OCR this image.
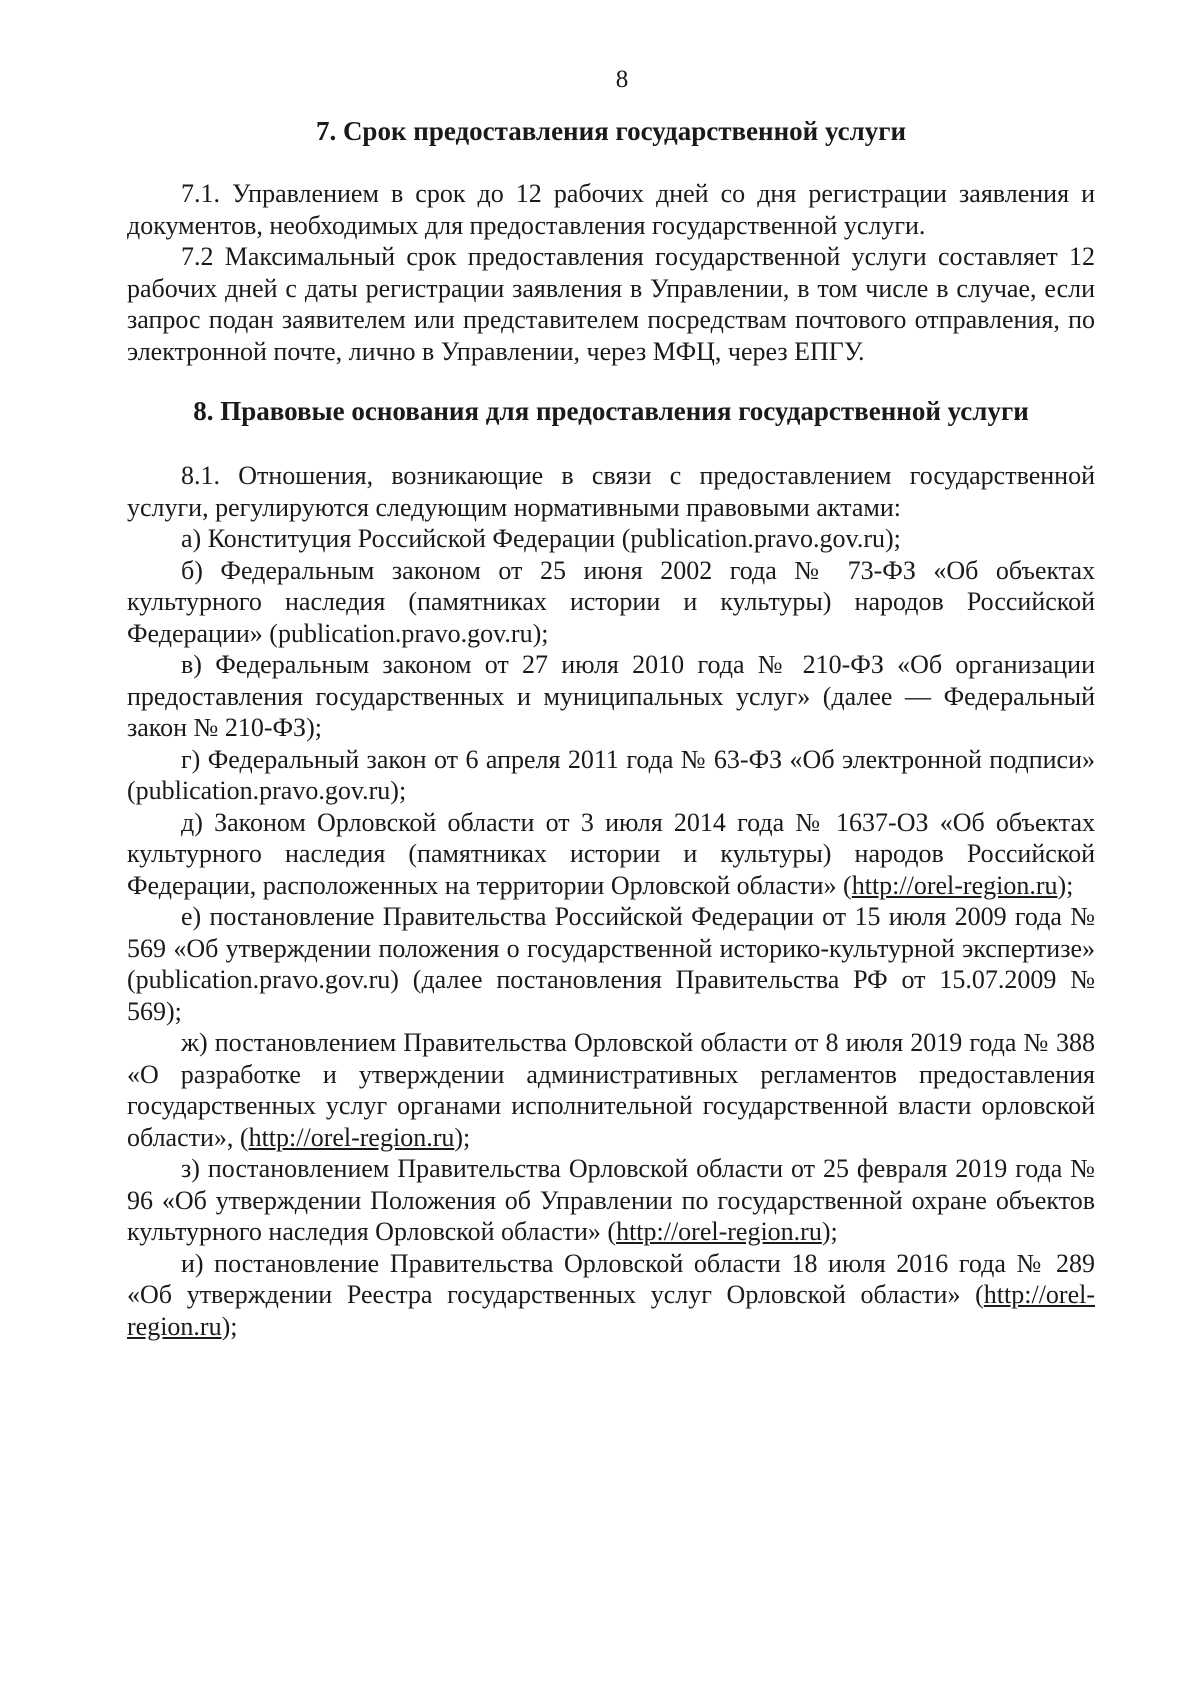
8
7. Срок предоставления государственной услуги

7.1. Управлением в срок до 12 рабочих дней со дня регистрации заявления и документов, необходимых для предоставления государственной услуги.

7.2 Максимальный срок предоставления государственной услуги составляет 12 рабочих дней с даты регистрации заявления в Управлении, в том числе в случае, если запрос подан заявителем или представителем посредствам почтового отправления, по электронной почте, лично в Управлении, через МФЦ, через ЕПГУ.

8. Правовые основания для предоставления государственной услуги

8.1. Отношения, возникающие в связи с предоставлением государственной услуги, регулируются следующим нормативными правовыми актами:

а) Конституция Российской Федерации (publication.pravo.gov.ru);

б) Федеральным законом от 25 июня 2002 года № 73-ФЗ «Об объектах культурного наследия (памятниках истории и культуры) народов Российской Федерации» (publication.pravo.gov.ru);

в) Федеральным законом от 27 июля 2010 года № 210-ФЗ «Об организации предоставления государственных и муниципальных услуг» (далее — Федеральный закон № 210-ФЗ);

г) Федеральный закон от 6 апреля 2011 года № 63-ФЗ «Об электронной подписи» (publication.pravo.gov.ru);

д) Законом Орловской области от 3 июля 2014 года № 1637-ОЗ «Об объектах культурного наследия (памятниках истории и культуры) народов Российской Федерации, расположенных на территории Орловской области» (http://orel-region.ru);

е) постановление Правительства Российской Федерации от 15 июля 2009 года № 569 «Об утверждении положения о государственной историко-культурной экспертизе» (publication.pravo.gov.ru) (далее постановления Правительства РФ от 15.07.2009 № 569);

ж) постановлением Правительства Орловской области от 8 июля 2019 года № 388 «О разработке и утверждении административных регламентов предоставления государственных услуг органами исполнительной государственной власти орловской области», (http://orel-region.ru);

з) постановлением Правительства Орловской области от 25 февраля 2019 года № 96 «Об утверждении Положения об Управлении по государственной охране объектов культурного наследия Орловской области» (http://orel-region.ru);

и) постановление Правительства Орловской области 18 июля 2016 года № 289 «Об утверждении Реестра государственных услуг Орловской области» (http://orel-region.ru);
